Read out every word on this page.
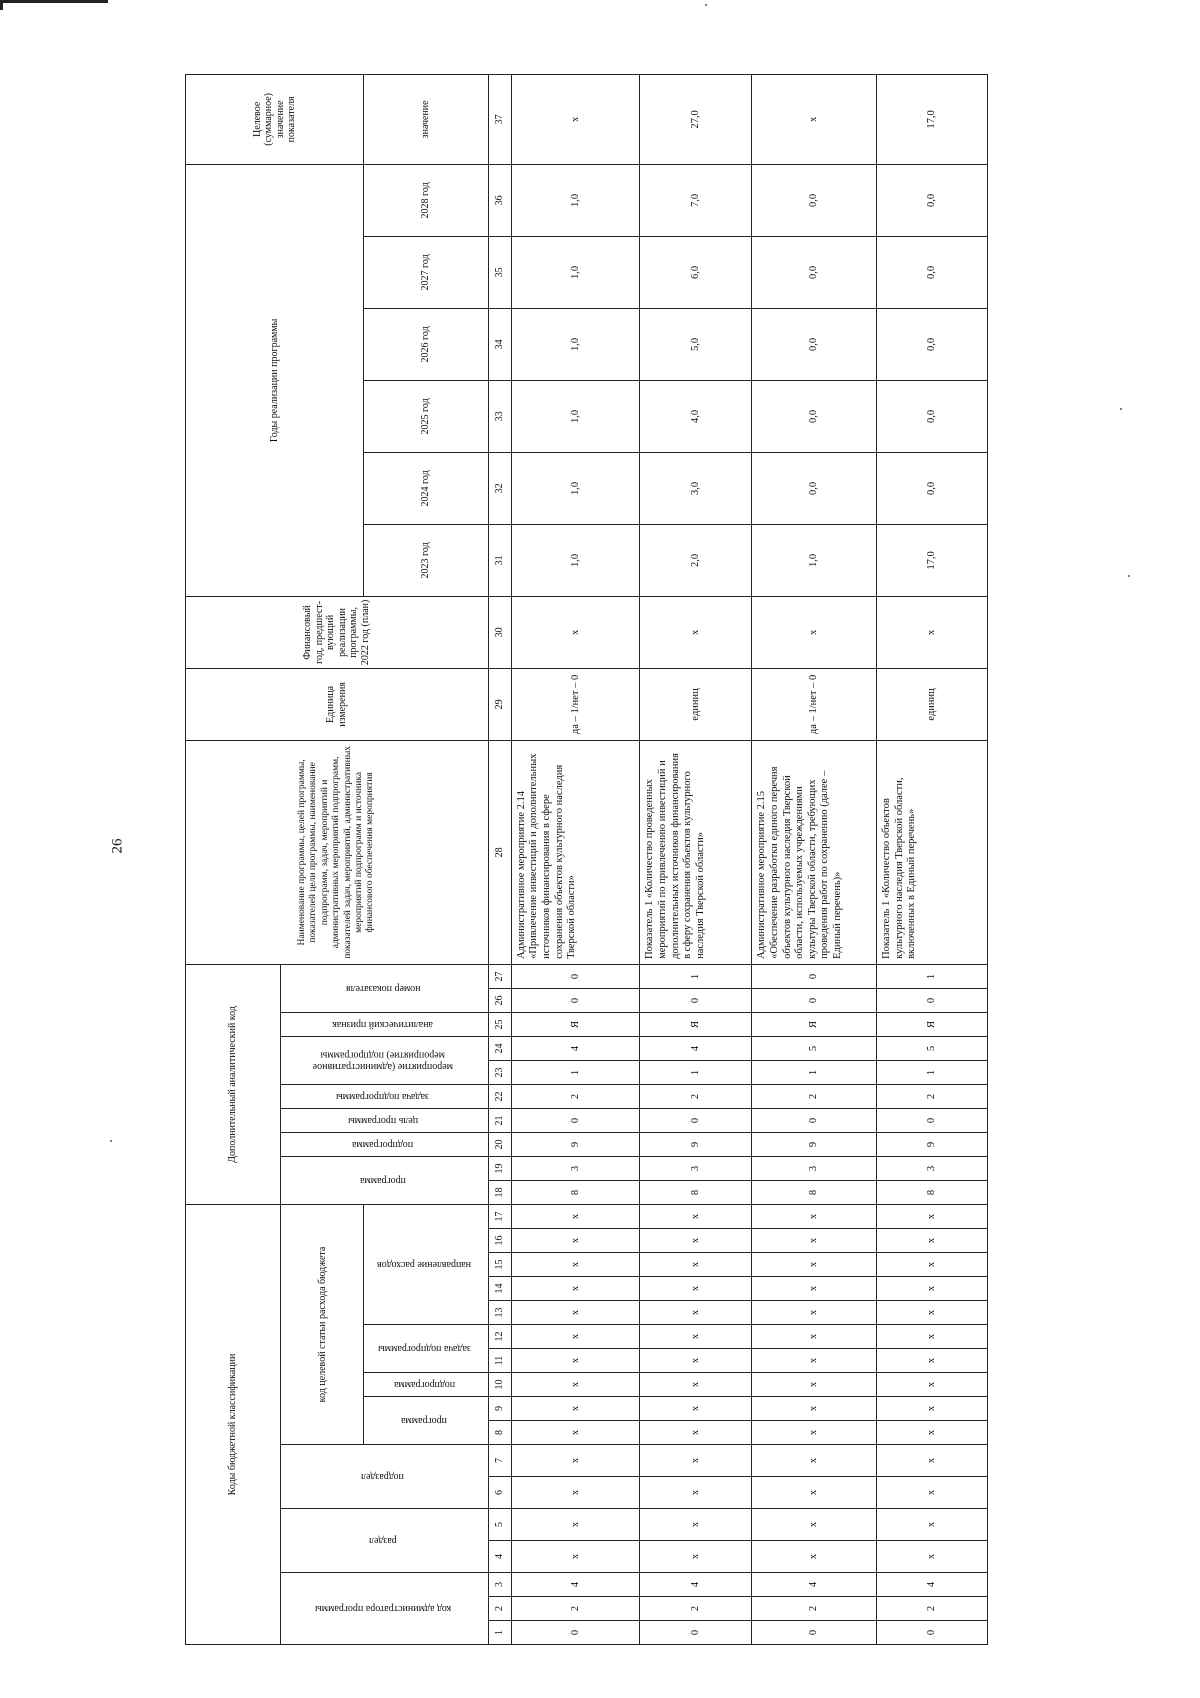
26
Коды бюджетной классификации																	Дополнительный аналитический код										Наименование программы, целей программы, показателей цели программы, наименование подпрограмм, задач, мероприятий и административных мероприятий подпрограмм, показателей задач, мероприятий, административных мероприятий подпрограмм и источника финансового обеспечения мероприятия	Единица измерения	Финансовый год, предшест-вующий реализации программы, 2022 год (план)	Годы реализации программы						Целевое (суммарное) значение показателя
код администратора программы			раздел		подраздел		код целевой статьи расхода бюджета										программа		подпрограмма	цель программы	задача подпрограммы	мероприятие (административное мероприятие) подпрограммы		аналитический признак	номер показателя											
							программа		подпрограмма	задача подпрограммы		направление расходов																		2023 год	2024 год	2025 год	2026 год	2027 год	2028 год	значение

1	2	3	4	5	6	7	8	9	10	11	12	13	14	15	16	17	18	19	20	21	22	23	24	25	26	27	28	29	30	31	32	33	34	35	36	37
0	2	4	x	x	x	x	x	x	x	x	x	x	x	x	x	x	8	3	9	0	2	1	4	Я	0	0	Административное мероприятие 2.14 «Привлечение инвестиций и дополнительных источников финансирования в сфере сохранения объектов культурного наследия Тверской области»	да – 1/нет – 0	x	1,0	1,0	1,0	1,0	1,0	1,0	x
0	2	4	x	x	x	x	x	x	x	x	x	x	x	x	x	x	8	3	9	0	2	1	4	Я	0	1	Показатель 1 «Количество проведенных мероприятий по привлечению инвестиций и дополнительных источников финансирования в сферу сохранения объектов культурного наследия Тверской области»	единиц	x	2,0	3,0	4,0	5,0	6,0	7,0	27,0
0	2	4	x	x	x	x	x	x	x	x	x	x	x	x	x	x	8	3	9	0	2	1	5	Я	0	0	Административное мероприятие 2.15 «Обеспечение разработки единого перечня объектов культурного наследия Тверской области, используемых учреждениями культуры Тверской области, требующих проведения работ по сохранению (далее – Единый перечень)»	да – 1/нет – 0	x	1,0	0,0	0,0	0,0	0,0	0,0	x
0	2	4	x	x	x	x	x	x	x	x	x	x	x	x	x	x	8	3	9	0	2	1	5	Я	0	1	Показатель 1 «Количество объектов культурного наследия Тверской области, включенных в Единый перечень»	единиц	x	17,0	0,0	0,0	0,0	0,0	0,0	17,0
